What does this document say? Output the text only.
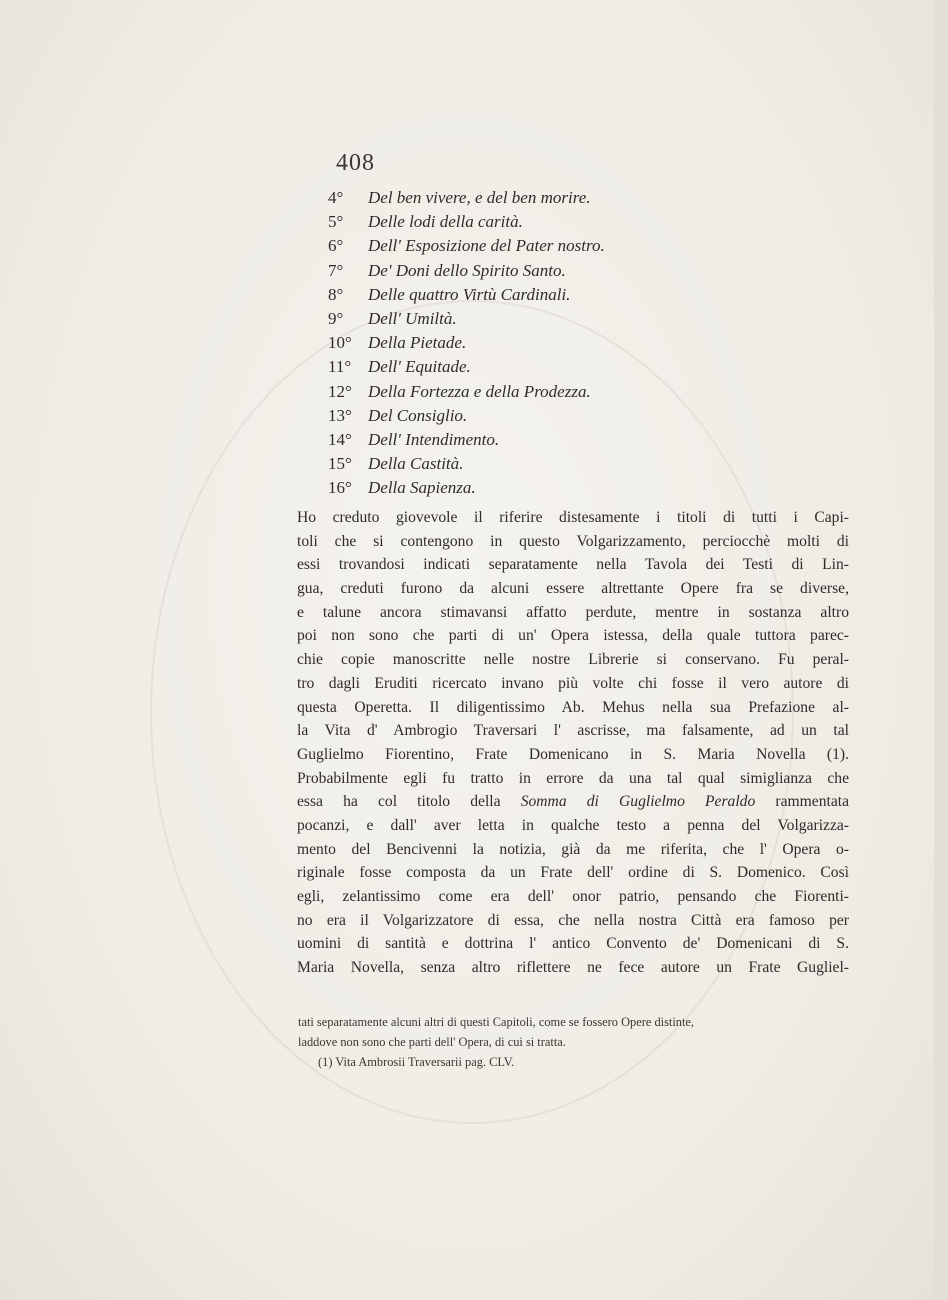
408
4° Del ben vivere, e del ben morire.
5° Delle lodi della carità.
6° Dell' Esposizione del Pater nostro.
7° De' Doni dello Spirito Santo.
8° Delle quattro Virtù Cardinali.
9° Dell' Umiltà.
10° Della Pietade.
11° Dell' Equitade.
12° Della Fortezza e della Prodezza.
13° Del Consiglio.
14° Dell' Intendimento.
15° Della Castità.
16° Della Sapienza.
Ho creduto giovevole il riferire distesamente i titoli di tutti i Capi-
toli che si contengono in questo Volgarizzamento, perciocchè molti di
essi trovandosi indicati separatamente nella Tavola dei Testi di Lin-
gua, creduti furono da alcuni essere altrettante Opere fra se diverse,
e talune ancora stimavansi affatto perdute, mentre in sostanza altro
poi non sono che parti di un' Opera istessa, della quale tuttora parec-
chie copie manoscritte nelle nostre Librerie si conservano. Fu peral-
tro dagli Eruditi ricercato invano più volte chi fosse il vero autore di
questa Operetta. Il diligentissimo Ab. Mehus nella sua Prefazione al-
la Vita d' Ambrogio Traversari l' ascrisse, ma falsamente, ad un tal
Guglielmo Fiorentino, Frate Domenicano in S. Maria Novella (1).
Probabilmente egli fu tratto in errore da una tal qual simiglianza che
essa ha col titolo della Somma di Guglielmo Peraldo rammentata
pocanzi, e dall' aver letta in qualche testo a penna del Volgarizza-
mento del Bencivenni la notizia, già da me riferita, che l' Opera o-
riginale fosse composta da un Frate dell' ordine di S. Domenico. Così
egli, zelantissimo come era dell' onor patrio, pensando che Fiorenti-
no era il Volgarizzatore di essa, che nella nostra Città era famoso per
uomini di santità e dottrina l' antico Convento de' Domenicani di S.
Maria Novella, senza altro riflettere ne fece autore un Frate Gugliel-
tati separatamente alcuni altri di questi Capitoli, come se fossero Opere distinte,
laddove non sono che parti dell' Opera, di cui si tratta.
(1) Vita Ambrosii Traversarii pag. CLV.
